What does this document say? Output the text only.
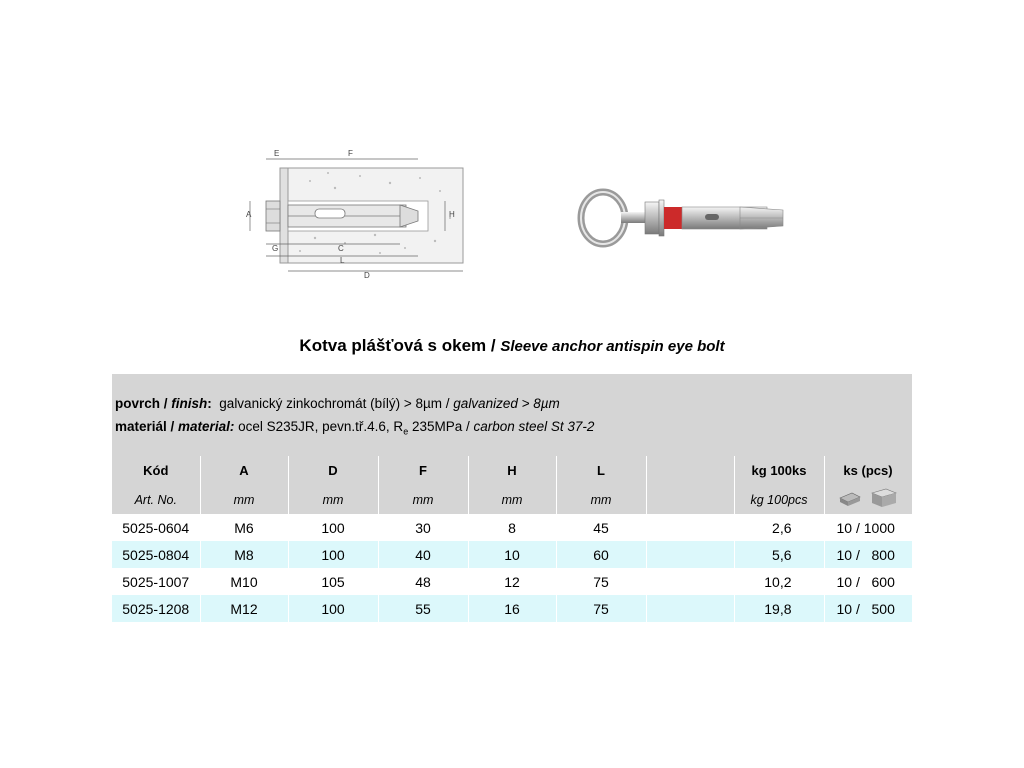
E	F
A	H
G	C
L
D
Kotva plášťová s okem / Sleeve anchor antispin eye bolt
povrch / finish: galvanický zinkochromát (bílý) > 8µm / galvanized > 8µm
materiál / material: ocel S235JR, pevn.tř.4.6, $R_e$ 235MPa / carbon steel St 37-2
Kód	A	D	F	H	L		kg 100ks	ks (pcs)
Art. No.	mm	mm	mm	mm	mm		kg 100pcs	
5025-0604	M6	100	30	8	45		2,6	10 / 1000
5025-0804	M8	100	40	10	60		5,6	10 /   800
5025-1007	M10	105	48	12	75		10,2	10 /   600
5025-1208	M12	100	55	16	75		19,8	10 /   500
